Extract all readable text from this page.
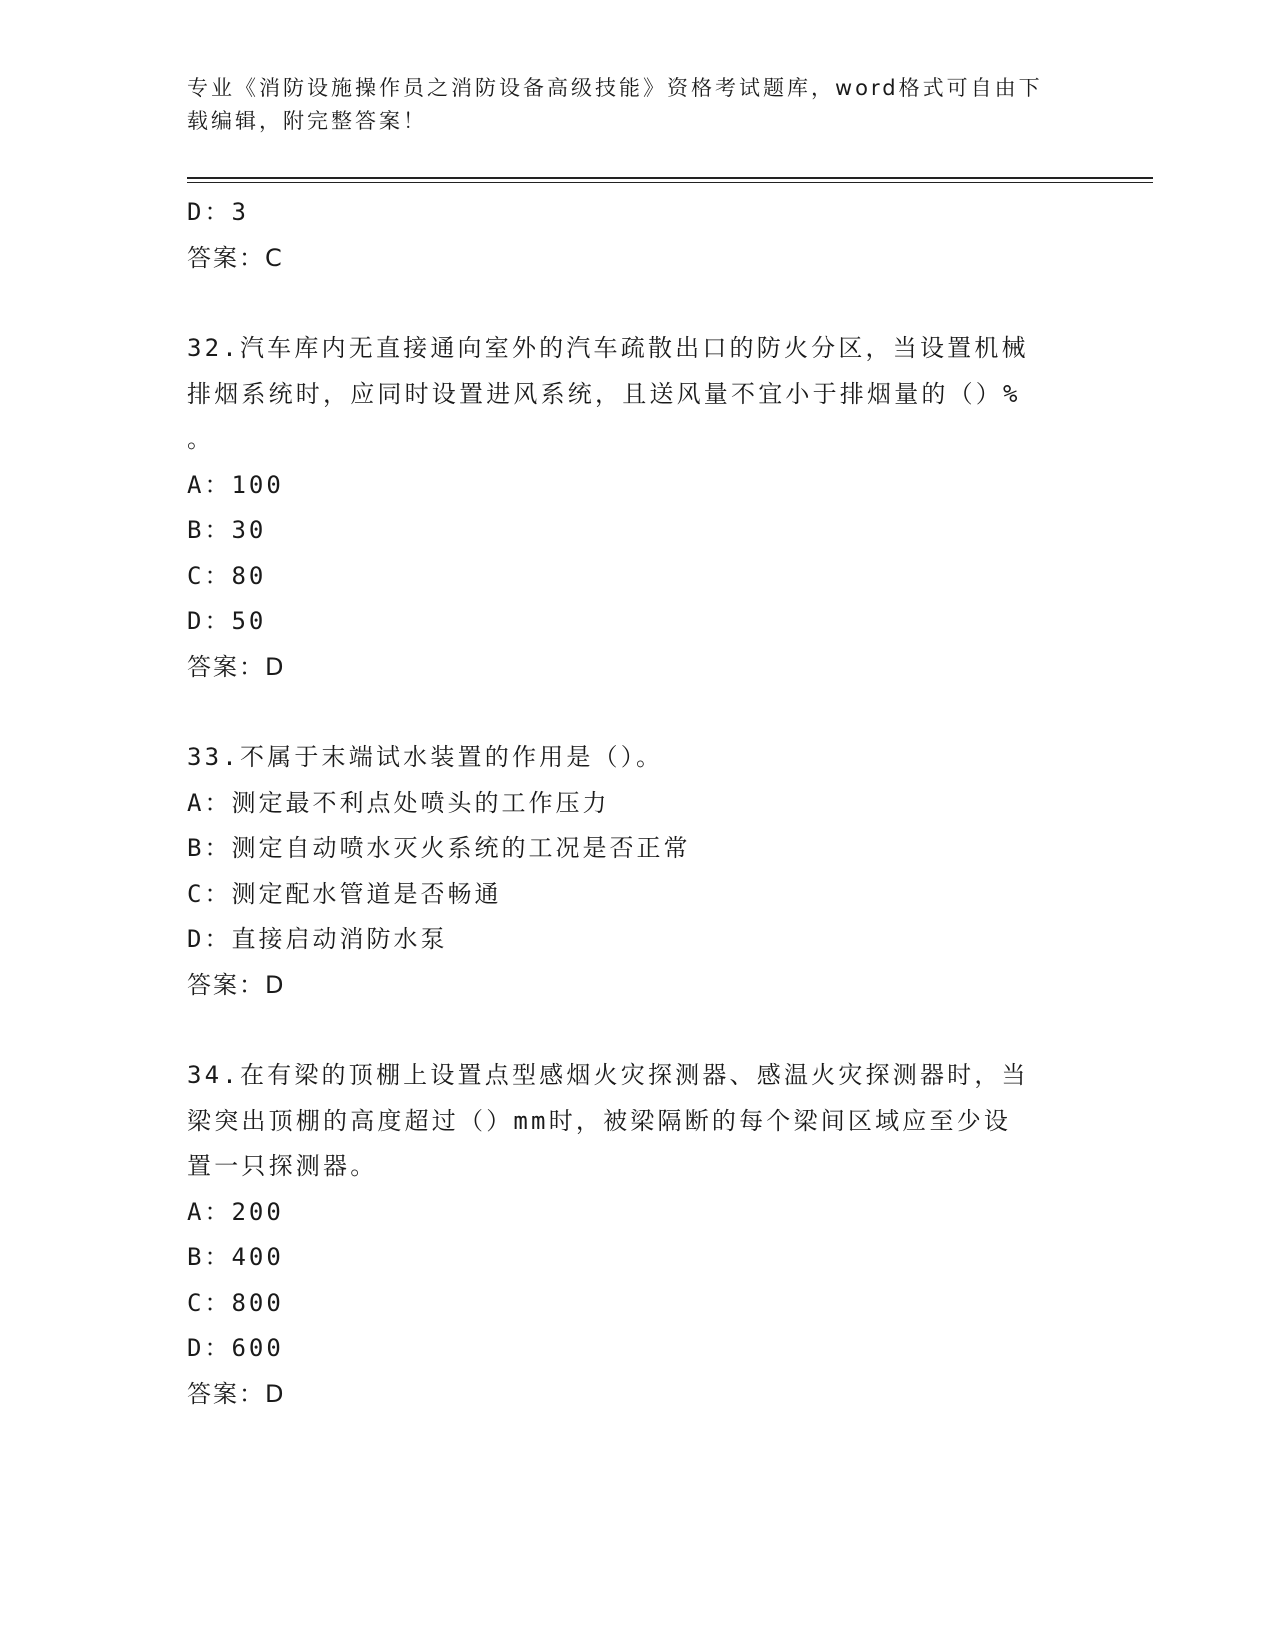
专业《消防设施操作员之消防设备高级技能》资格考试题库，word格式可自由下
载编辑，附完整答案！
D：3
答案：C
32.汽车库内无直接通向室外的汽车疏散出口的防火分区，当设置机械
排烟系统时，应同时设置进风系统，且送风量不宜小于排烟量的（）%
。
A：100
B：30
C：80
D：50
答案：D
33.不属于末端试水装置的作用是（）。
A：测定最不利点处喷头的工作压力
B：测定自动喷水灭火系统的工况是否正常
C：测定配水管道是否畅通
D：直接启动消防水泵
答案：D
34.在有梁的顶棚上设置点型感烟火灾探测器、感温火灾探测器时，当
梁突出顶棚的高度超过（）mm时，被梁隔断的每个梁间区域应至少设
置一只探测器。
A：200
B：400
C：800
D：600
答案：D
